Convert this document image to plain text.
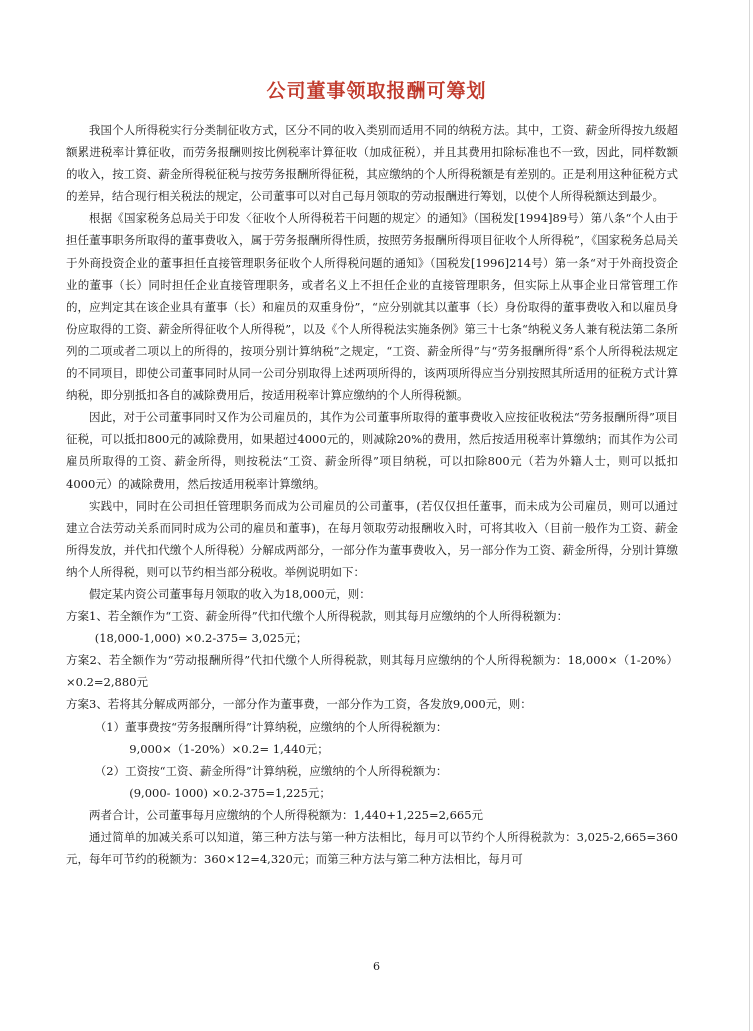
公司董事领取报酬可筹划

我国个人所得税实行分类制征收方式，区分不同的收入类别而适用不同的纳税方法。其中，工资、薪金所得按九级超额累进税率计算征收，而劳务报酬则按比例税率计算征收（加成征税），并且其费用扣除标准也不一致，因此，同样数额的收入，按工资、薪金所得税征税与按劳务报酬所得征税，其应缴纳的个人所得税额是有差别的。正是利用这种征税方式的差异，结合现行相关税法的规定，公司董事可以对自己每月领取的劳动报酬进行筹划，以使个人所得税额达到最少。

根据《国家税务总局关于印发〈征收个人所得税若干问题的规定〉的通知》（国税发[1994]89号）第八条“个人由于担任董事职务所取得的董事费收入，属于劳务报酬所得性质，按照劳务报酬所得项目征收个人所得税”，《国家税务总局关于外商投资企业的董事担任直接管理职务征收个人所得税问题的通知》（国税发[1996]214号）第一条“对于外商投资企业的董事（长）同时担任企业直接管理职务，或者名义上不担任企业的直接管理职务，但实际上从事企业日常管理工作的，应判定其在该企业具有董事（长）和雇员的双重身份”，“应分别就其以董事（长）身份取得的董事费收入和以雇员身份应取得的工资、薪金所得征收个人所得税”，以及《个人所得税法实施条例》第三十七条“纳税义务人兼有税法第二条所列的二项或者二项以上的所得的，按项分别计算纳税”之规定，“工资、薪金所得”与“劳务报酬所得”系个人所得税法规定的不同项目，即使公司董事同时从同一公司分别取得上述两项所得的，该两项所得应当分别按照其所适用的征税方式计算纳税，即分别抵扣各自的减除费用后，按适用税率计算应缴纳的个人所得税额。

因此，对于公司董事同时又作为公司雇员的，其作为公司董事所取得的董事费收入应按征收税法“劳务报酬所得”项目征税，可以抵扣800元的减除费用，如果超过4000元的，则减除20%的费用，然后按适用税率计算缴纳；而其作为公司雇员所取得的工资、薪金所得，则按税法“工资、薪金所得”项目纳税，可以扣除800元（若为外籍人士，则可以抵扣4000元）的减除费用，然后按适用税率计算缴纳。

实践中，同时在公司担任管理职务而成为公司雇员的公司董事，(若仅仅担任董事，而未成为公司雇员，则可以通过建立合法劳动关系而同时成为公司的雇员和董事)，在每月领取劳动报酬收入时，可将其收入（目前一般作为工资、薪金所得发放，并代扣代缴个人所得税）分解成两部分，一部分作为董事费收入，另一部分作为工资、薪金所得，分别计算缴纳个人所得税，则可以节约相当部分税收。举例说明如下：

假定某内资公司董事每月领取的收入为18,000元，则：

方案1、若全额作为“工资、薪金所得”代扣代缴个人所得税款，则其每月应缴纳的个人所得税额为：

(18,000-1,000) ×0.2-375= 3,025元；

方案2、若全额作为“劳动报酬所得”代扣代缴个人所得税款，则其每月应缴纳的个人所得税额为：18,000×（1-20%）×0.2=2,880元

方案3、若将其分解成两部分，一部分作为董事费，一部分作为工资，各发放9,000元，则：

（1）董事费按“劳务报酬所得”计算纳税，应缴纳的个人所得税额为：

9,000×（1-20%）×0.2= 1,440元；

（2）工资按“工资、薪金所得”计算纳税，应缴纳的个人所得税额为：

(9,000- 1000) ×0.2-375=1,225元；

两者合计，公司董事每月应缴纳的个人所得税额为：1,440+1,225=2,665元

通过简单的加减关系可以知道，第三种方法与第一种方法相比，每月可以节约个人所得税款为：3,025-2,665=360元，每年可节约的税额为：360×12=4,320元；而第三种方法与第二种方法相比，每月可

6
